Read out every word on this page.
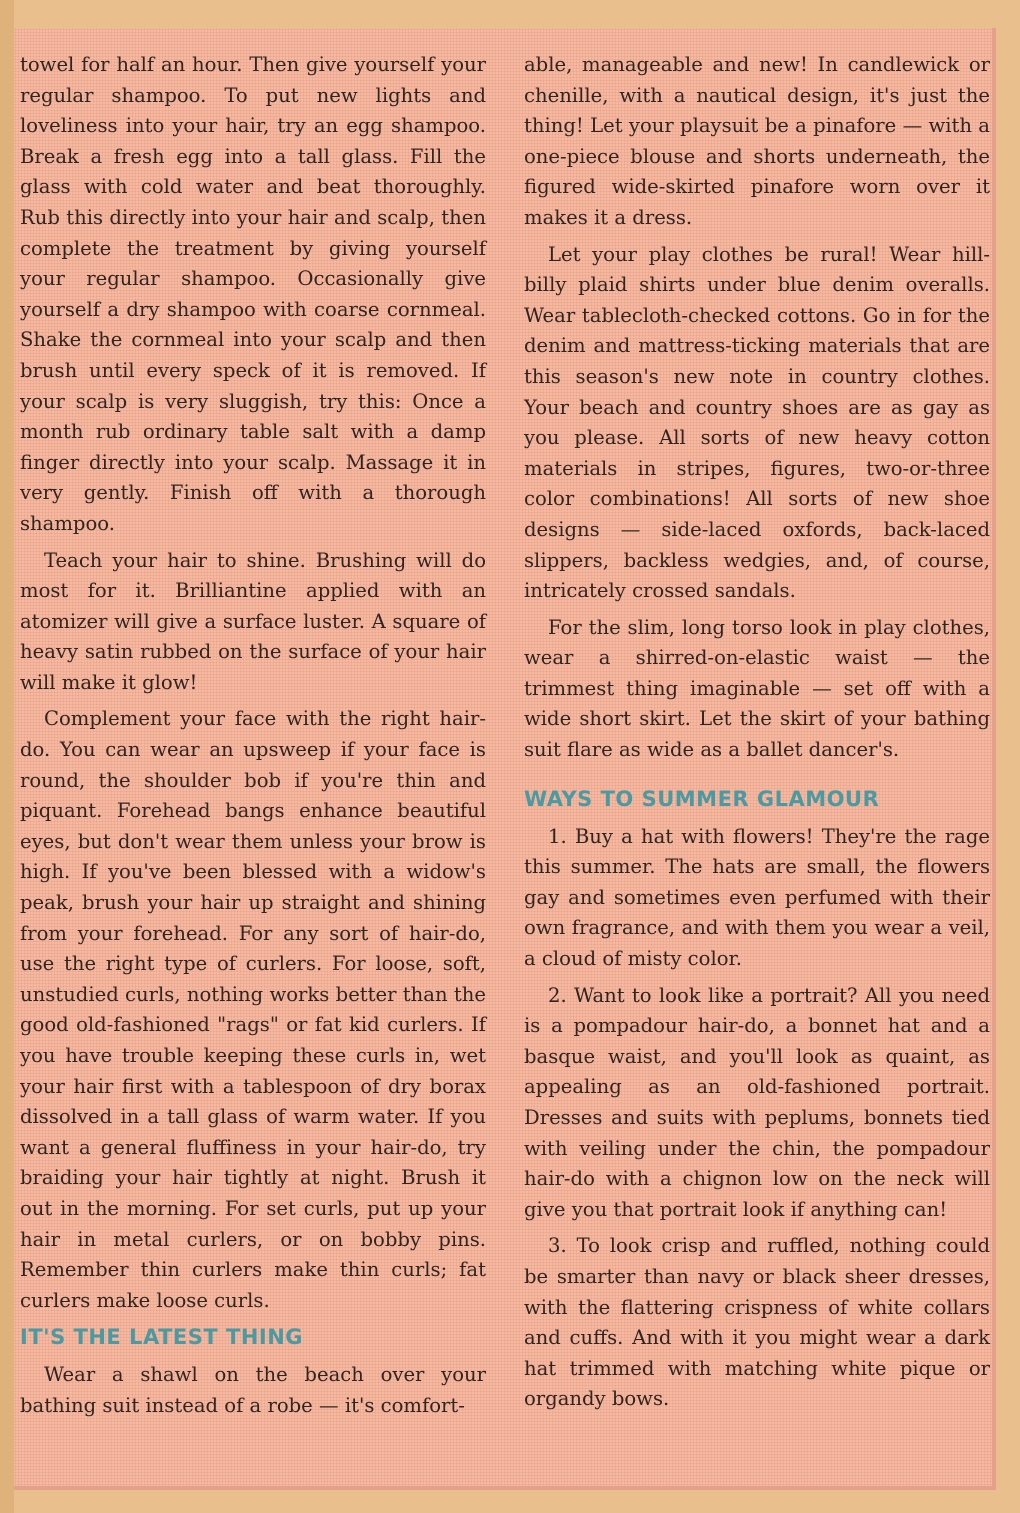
towel for half an hour. Then give yourself your regular shampoo. To put new lights and loveliness into your hair, try an egg shampoo. Break a fresh egg into a tall glass. Fill the glass with cold water and beat thoroughly. Rub this directly into your hair and scalp, then complete the treatment by giving yourself your regular shampoo. Occasionally give yourself a dry shampoo with coarse cornmeal. Shake the cornmeal into your scalp and then brush until every speck of it is removed. If your scalp is very sluggish, try this: Once a month rub ordinary table salt with a damp finger directly into your scalp. Massage it in very gently. Finish off with a thorough shampoo.

Teach your hair to shine. Brushing will do most for it. Brilliantine applied with an atomizer will give a surface luster. A square of heavy satin rubbed on the surface of your hair will make it glow!

Complement your face with the right hair-do. You can wear an upsweep if your face is round, the shoulder bob if you're thin and piquant. Forehead bangs enhance beautiful eyes, but don't wear them unless your brow is high. If you've been blessed with a widow's peak, brush your hair up straight and shining from your forehead. For any sort of hair-do, use the right type of curlers. For loose, soft, unstudied curls, nothing works better than the good old-fashioned "rags" or fat kid curlers. If you have trouble keeping these curls in, wet your hair first with a tablespoon of dry borax dissolved in a tall glass of warm water. If you want a general fluffiness in your hair-do, try braiding your hair tightly at night. Brush it out in the morning. For set curls, put up your hair in metal curlers, or on bobby pins. Remember thin curlers make thin curls; fat curlers make loose curls.

IT'S THE LATEST THING

Wear a shawl on the beach over your bathing suit instead of a robe — it's comfort-

able, manageable and new! In candlewick or chenille, with a nautical design, it's just the thing! Let your playsuit be a pinafore — with a one-piece blouse and shorts underneath, the figured wide-skirted pinafore worn over it makes it a dress.

Let your play clothes be rural! Wear hill-billy plaid shirts under blue denim overalls. Wear tablecloth-checked cottons. Go in for the denim and mattress-ticking materials that are this season's new note in country clothes. Your beach and country shoes are as gay as you please. All sorts of new heavy cotton materials in stripes, figures, two-or-three color combinations! All sorts of new shoe designs — side-laced oxfords, back-laced slippers, backless wedgies, and, of course, intricately crossed sandals.

For the slim, long torso look in play clothes, wear a shirred-on-elastic waist — the trimmest thing imaginable — set off with a wide short skirt. Let the skirt of your bathing suit flare as wide as a ballet dancer's.

WAYS TO SUMMER GLAMOUR

1. Buy a hat with flowers! They're the rage this summer. The hats are small, the flowers gay and sometimes even perfumed with their own fragrance, and with them you wear a veil, a cloud of misty color.

2. Want to look like a portrait? All you need is a pompadour hair-do, a bonnet hat and a basque waist, and you'll look as quaint, as appealing as an old-fashioned portrait. Dresses and suits with peplums, bonnets tied with veiling under the chin, the pompadour hair-do with a chignon low on the neck will give you that portrait look if anything can!

3. To look crisp and ruffled, nothing could be smarter than navy or black sheer dresses, with the flattering crispness of white collars and cuffs. And with it you might wear a dark hat trimmed with matching white pique or organdy bows.
